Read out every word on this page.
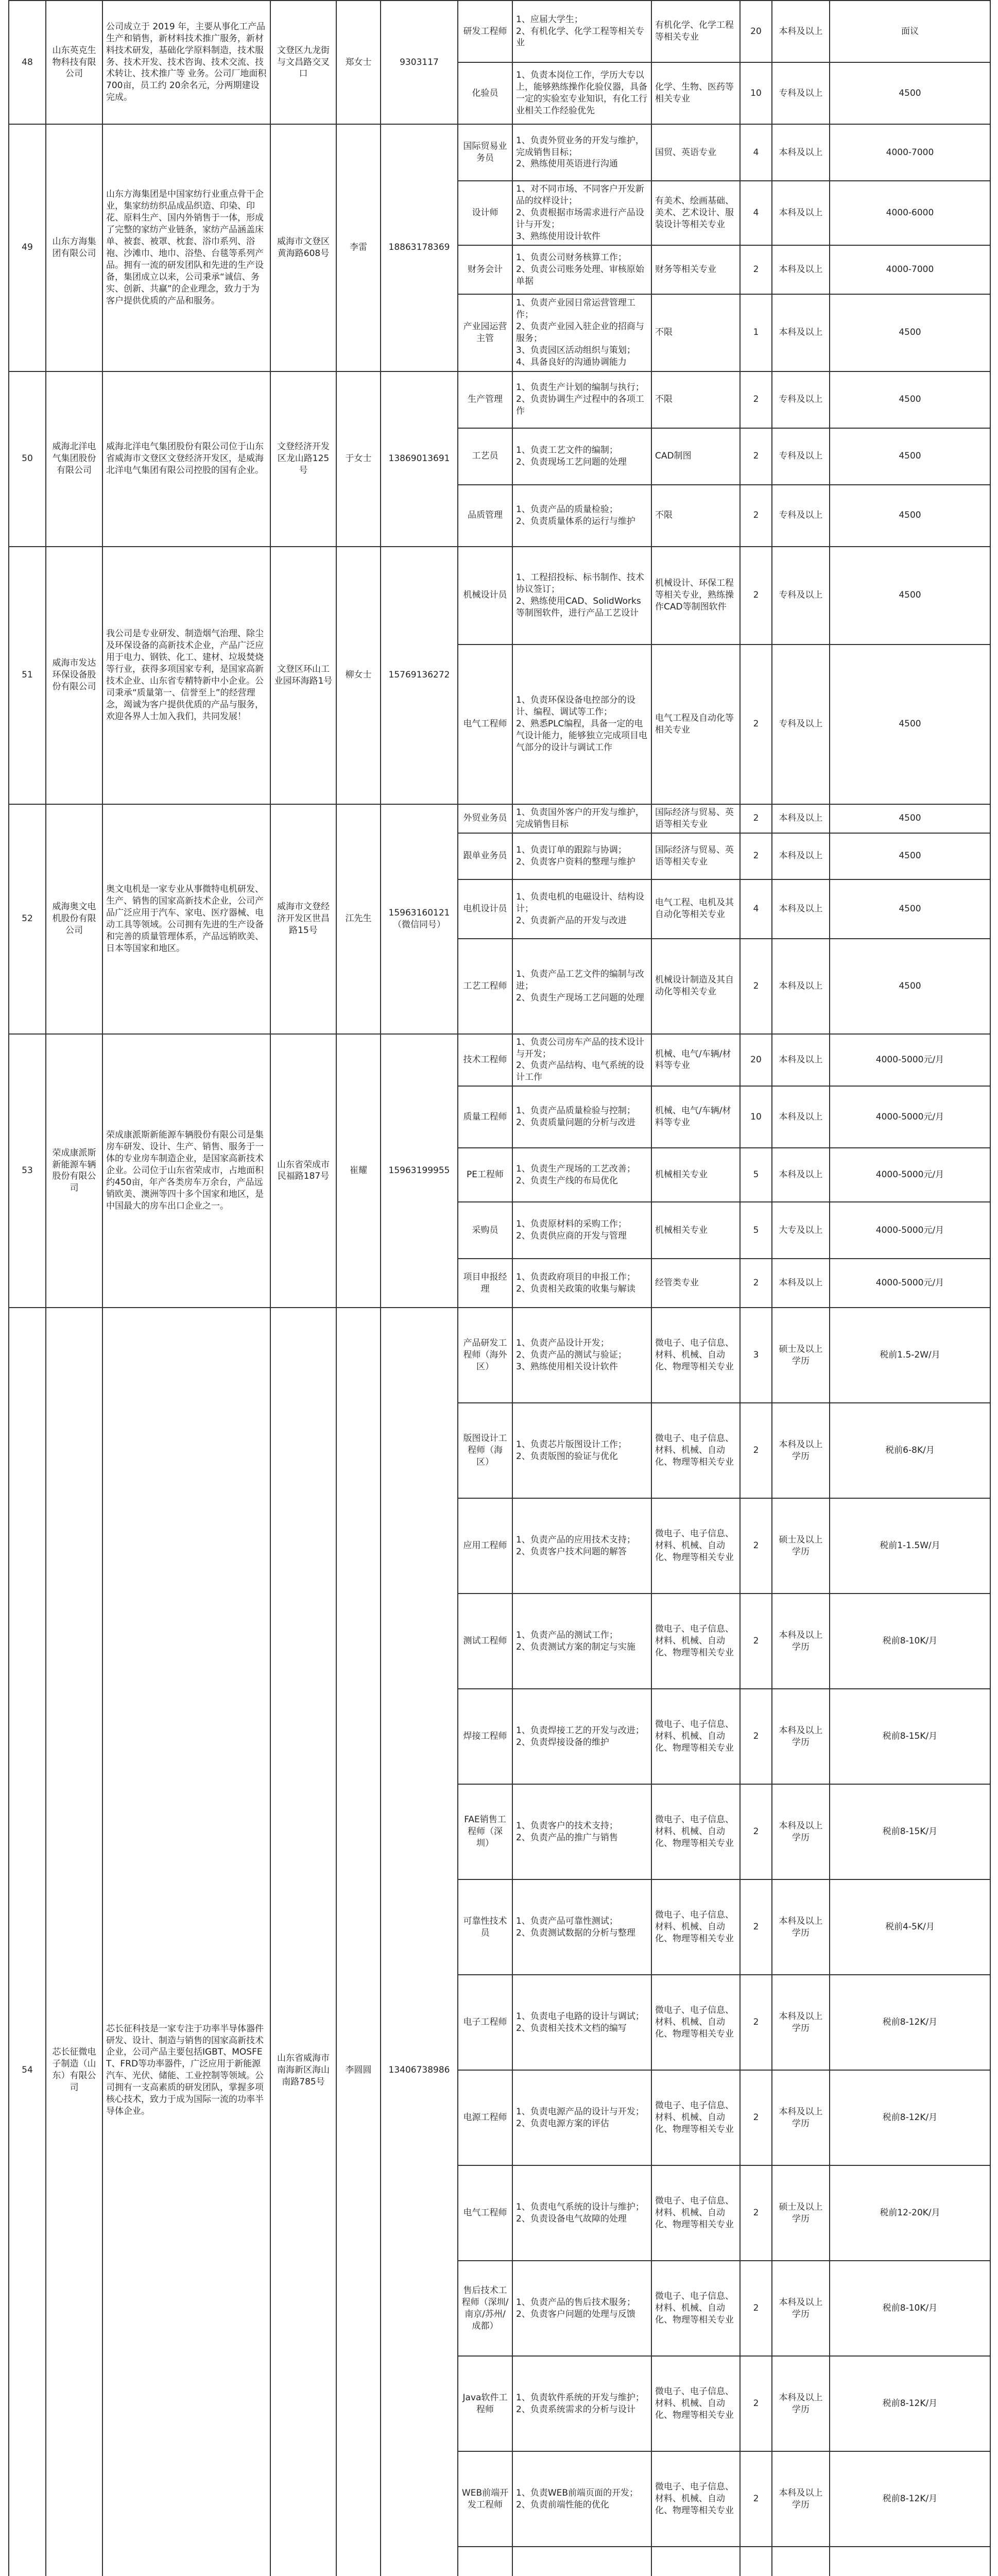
48	山东英克生物科技有限公司	公司成立于 2019 年，主要从事化工产品生产和销售，新材料技术推广服务，新材料技术研发，基础化学原料制造，技术服务、技术开发、技术咨询、技术交流、技术转让、技术推广等 业务。公司厂地面积 700亩，员工约 20余名元，分两期建设完成。	文登区九龙街与文昌路交叉口	郑女士	9303117	研发工程师	1、应届大学生；
2、有机化学、化学工程等相关专业	有机化学、化学工程等相关专业	20	本科及以上	面议
						化验员	1、负责本岗位工作，学历大专以上，能够熟练操作化验仪器，具备一定的实验室专业知识，有化工行业相关工作经验优先	化学、生物、医药等相关专业	10	专科及以上	4500
49	山东方海集团有限公司	山东方海集团是中国家纺行业重点骨干企业，集家纺纺织品成品织造、印染、印花、原料生产、国内外销售于一体，形成了完整的家纺产业链条，家纺产品涵盖床单、被套、被罩、枕套、浴巾系列、浴袍、沙滩巾、地巾、浴垫、台毯等系列产品。拥有一流的研发团队和先进的生产设备，集团成立以来，公司秉承“诚信、务实、创新、共赢”的企业理念，致力于为客户提供优质的产品和服务。	威海市文登区黄海路608号	李雷	18863178369	国际贸易业务员	1、负责外贸业务的开发与维护，完成销售目标；
2、熟练使用英语进行沟通	国贸、英语专业	4	本科及以上	4000-7000
						设计师	1、对不同市场、不同客户开发新品的纹样设计；
2、负责根据市场需求进行产品设计与开发；
3、熟练使用设计软件	有美术、绘画基础、美术、艺术设计、服装设计等相关专业	4	本科及以上	4000-6000
						财务会计	1、负责公司财务核算工作；
2、负责公司账务处理、审核原始单据	财务等相关专业	2	本科及以上	4000-7000
						产业园运营主管	1、负责产业园日常运营管理工作；
2、负责产业园入驻企业的招商与服务；
3、负责园区活动组织与策划；
4、具备良好的沟通协调能力	不限	1	本科及以上	4500
50	威海北洋电气集团股份有限公司	威海北洋电气集团股份有限公司位于山东省威海市文登区文登经济开发区，是威海北洋电气集团有限公司控股的国有企业。	文登经济开发区龙山路125号	于女士	13869013691	生产管理	1、负责生产计划的编制与执行；
2、负责协调生产过程中的各项工作	不限	2	专科及以上	4500
						工艺员	1、负责工艺文件的编制；
2、负责现场工艺问题的处理	CAD制图	2	专科及以上	4500
						品质管理	1、负责产品的质量检验；
2、负责质量体系的运行与维护	不限	2	专科及以上	4500
51	威海市发达环保设备股份有限公司	我公司是专业研发、制造烟气治理、除尘及环保设备的高新技术企业，产品广泛应用于电力、钢铁、化工、建材、垃圾焚烧等行业，获得多项国家专利，是国家高新技术企业、山东省专精特新中小企业。公司秉承“质量第一、信誉至上”的经营理念，竭诚为客户提供优质的产品与服务，欢迎各界人士加入我们，共同发展！	文登区环山工业园环海路1号	柳女士	15769136272	机械设计员	1、工程招投标、标书制作、技术协议签订；
2、熟练使用CAD、SolidWorks等制图软件，进行产品工艺设计	机械设计、环保工程等相关专业，熟练操作CAD等制图软件	2	专科及以上	4500
						电气工程师	1、负责环保设备电控部分的设计、编程、调试等工作；
2、熟悉PLC编程，具备一定的电气设计能力，能够独立完成项目电气部分的设计与调试工作	电气工程及自动化等相关专业	2	专科及以上	4500
52	威海奥文电机股份有限公司	奥文电机是一家专业从事微特电机研发、生产、销售的国家高新技术企业，公司产品广泛应用于汽车、家电、医疗器械、电动工具等领域。公司拥有先进的生产设备和完善的质量管理体系，产品远销欧美、日本等国家和地区。	威海市文登经济开发区世昌路15号	江先生	15963160121（微信同号）	外贸业务员	1、负责国外客户的开发与维护，完成销售目标	国际经济与贸易、英语等相关专业	2	本科及以上	4500
						跟单业务员	1、负责订单的跟踪与协调；
2、负责客户资料的整理与维护	国际经济与贸易、英语等相关专业	2	本科及以上	4500
						电机设计员	1、负责电机的电磁设计、结构设计；
2、负责新产品的开发与改进	电气工程、电机及其自动化等相关专业	4	本科及以上	4500
						工艺工程师	1、负责产品工艺文件的编制与改进；
2、负责生产现场工艺问题的处理	机械设计制造及其自动化等相关专业	2	本科及以上	4500
53	荣成康派斯新能源车辆股份有限公司	荣成康派斯新能源车辆股份有限公司是集房车研发、设计、生产、销售、服务于一体的专业房车制造企业，是国家高新技术企业。公司位于山东省荣成市，占地面积约450亩，年产各类房车万余台，产品远销欧美、澳洲等四十多个国家和地区，是中国最大的房车出口企业之一。	山东省荣成市民福路187号	崔耀	15963199955	技术工程师	1、负责公司房车产品的技术设计与开发；
2、负责产品结构、电气系统的设计工作	机械、电气/车辆/材料等专业	20	本科及以上	4000-5000元/月
						质量工程师	1、负责产品质量检验与控制；
2、负责质量问题的分析与改进	机械、电气/车辆/材料等专业	10	本科及以上	4000-5000元/月
						PE工程师	1、负责生产现场的工艺改善；
2、负责生产线的布局优化	机械相关专业	5	本科及以上	4000-5000元/月
						采购员	1、负责原材料的采购工作；
2、负责供应商的开发与管理	机械相关专业	5	大专及以上	4000-5000元/月
						项目申报经理	1、负责政府项目的申报工作；
2、负责相关政策的收集与解读	经管类专业	2	本科及以上	4000-5000元/月
54	芯长征微电子制造（山东）有限公司	芯长征科技是一家专注于功率半导体器件研发、设计、制造与销售的国家高新技术企业，公司产品主要包括IGBT、MOSFET、FRD等功率器件，广泛应用于新能源汽车、光伏、储能、工业控制等领域。公司拥有一支高素质的研发团队，掌握多项核心技术，致力于成为国际一流的功率半导体企业。	山东省威海市南海新区海山南路785号	李圆圆	13406738986	产品研发工程师（海外区）	1、负责产品设计开发；
2、负责产品的测试与验证；
3、熟练使用相关设计软件	微电子、电子信息、材料、机械、自动化、物理等相关专业	3	硕士及以上学历	税前1.5-2W/月
						版图设计工程师（海区）	1、负责芯片版图设计工作；
2、负责版图的验证与优化	微电子、电子信息、材料、机械、自动化、物理等相关专业	2	本科及以上学历	税前6-8K/月
						应用工程师	1、负责产品的应用技术支持；
2、负责客户技术问题的解答	微电子、电子信息、材料、机械、自动化、物理等相关专业	2	硕士及以上学历	税前1-1.5W/月
						测试工程师	1、负责产品的测试工作；
2、负责测试方案的制定与实施	微电子、电子信息、材料、机械、自动化、物理等相关专业	2	本科及以上学历	税前8-10K/月
						焊接工程师	1、负责焊接工艺的开发与改进；
2、负责焊接设备的维护	微电子、电子信息、材料、机械、自动化、物理等相关专业	2	本科及以上学历	税前8-15K/月
						FAE销售工程师（深圳）	1、负责客户的技术支持；
2、负责产品的推广与销售	微电子、电子信息、材料、机械、自动化、物理等相关专业	2	本科及以上学历	税前8-15K/月
						可靠性技术员	1、负责产品可靠性测试；
2、负责测试数据的分析与整理	微电子、电子信息、材料、机械、自动化、物理等相关专业	2	本科及以上学历	税前4-5K/月
						电子工程师	1、负责电子电路的设计与调试；
2、负责相关技术文档的编写	微电子、电子信息、材料、机械、自动化、物理等相关专业	2	本科及以上学历	税前8-12K/月
						电源工程师	1、负责电源产品的设计与开发；
2、负责电源方案的评估	微电子、电子信息、材料、机械、自动化、物理等相关专业	2	本科及以上学历	税前8-12K/月
						电气工程师	1、负责电气系统的设计与维护；
2、负责设备电气故障的处理	微电子、电子信息、材料、机械、自动化、物理等相关专业	2	硕士及以上学历	税前12-20K/月
						售后技术工程师（深圳/南京/苏州/成都）	1、负责产品的售后技术服务；
2、负责客户问题的处理与反馈	微电子、电子信息、材料、机械、自动化、物理等相关专业	2	本科及以上学历	税前8-10K/月
						Java软件工程师	1、负责软件系统的开发与维护；
2、负责系统需求的分析与设计	微电子、电子信息、材料、机械、自动化、物理等相关专业	2	本科及以上学历	税前8-12K/月
						WEB前端开发工程师	1、负责WEB前端页面的开发；
2、负责前端性能的优化	微电子、电子信息、材料、机械、自动化、物理等相关专业	2	本科及以上学历	税前8-12K/月
